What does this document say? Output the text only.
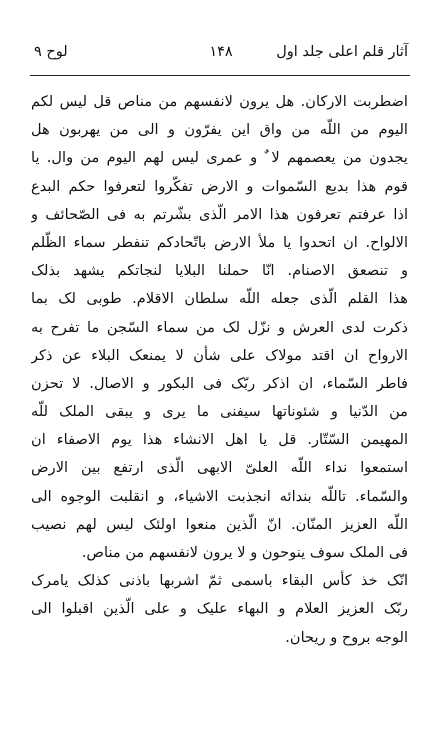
آثار قلم اعلی جلد اول
۱۴۸
لوح ۹
اضطربت الارکان. هل یرون لانفسهم من مناص قل لیس لکم
الیوم من اللّه من واق این یفرّون و الی من یهربون هل
یجدون من یعصمهم لا ٌ و عمری لیس لهم الیوم من وال. یا
قوم هذا بدیع السّموات و الارض تفکّروا لتعرفوا حکم البدع
اذا عرفتم تعرفون هذا الامر الّذی بشّرتم به فی الصّحائف و
الالواح. ان اتحدوا یا ملأ الارض باتّحادکم تنفطر سماء الظّلم
و تنصعق الاصنام. انّا حملنا البلایا لنجاتکم یشهد بذلک
هذا القلم الّذی جعله اللّه سلطان الاقلام. طوبی لک بما
ذکرت لدی العرش و نزّل لک من سماء السّجن ما تفرح به
الارواح ان اقتد مولاک علی شأن لا یمنعک البلاء عن ذکر
فاطر السّماء، ان اذکر ربّک فی البکور و الاصال. لا تحزن
من الدّنیا و شئوناتها سیفنی ما یری و یبقی الملک للّه
المهیمن السّتّار. قل یا اهل الانشاء هذا یوم الاصفاء ان
استمعوا نداء اللّه العلیّ الابهی الّذی ارتفع بین الارض
والسّماء. تاللّه بندائه انجذبت الاشیاء، و انقلبت الوجوه الی
اللّه العزیز المنّان. انّ الّذین منعوا اولئک لیس لهم نصیب
فی الملک سوف ینوحون و لا یرون لانفسهم من مناص.
انّک خذ کأس البقاء باسمی ثمّ اشربها باذنی کذلک یامرک
ربّک العزیز العلام و البهاء علیک و علی الّذین اقبلوا الی
الوجه بروح و ریحان.
